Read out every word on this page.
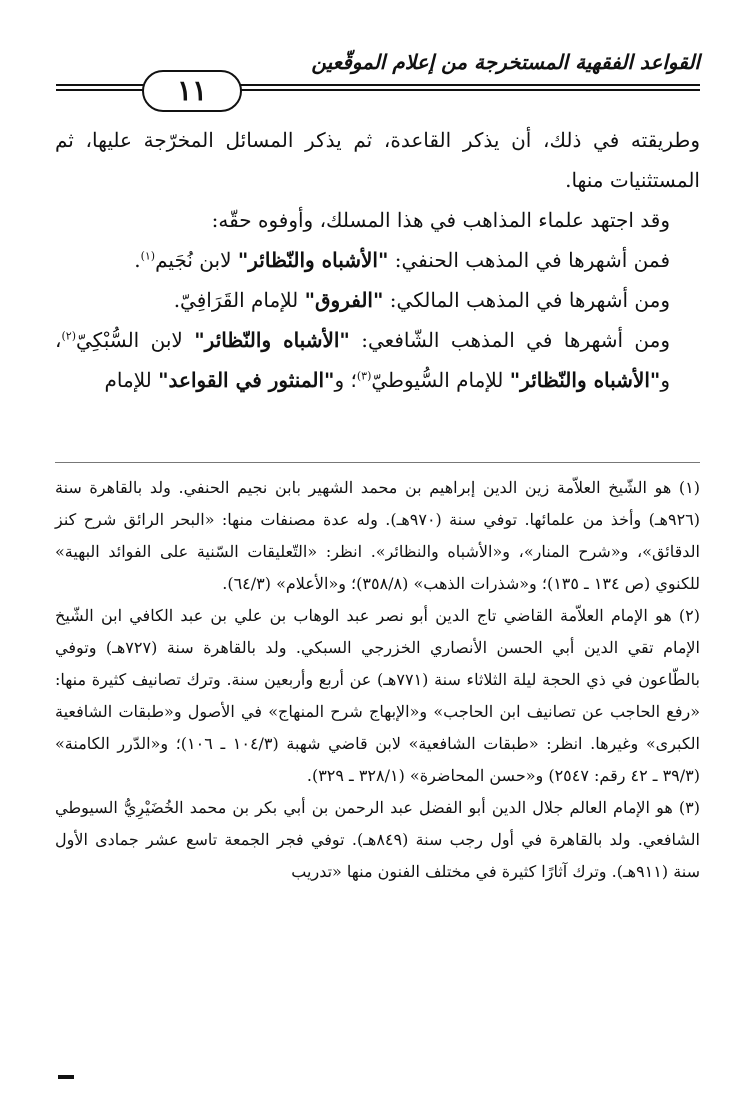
القواعد الفقهية المستخرجة من إعلام الموقّعين
١١

وطريقته في ذلك، أن يذكر القاعدة، ثم يذكر المسائل المخرّجة عليها، ثم المستثنيات منها.

وقد اجتهد علماء المذاهب في هذا المسلك، وأوفوه حقّه:

فمن أشهرها في المذهب الحنفي: "الأشباه والنّظائر" لابن نُجَيم$^{(١)}$.

ومن أشهرها في المذهب المالكي: "الفروق" للإمام القَرَافِيّ.

ومن أشهرها في المذهب الشّافعي: "الأشباه والنّظائر" لابن السُّبْكِيّ$^{(٢)}$، و"الأشباه والنّظائر" للإمام السُّيوطيّ$^{(٣)}$؛ و"المنثور في القواعد" للإمام

(١) هو الشّيخ العلاّمة زين الدين إبراهيم بن محمد الشهير بابن نجيم الحنفي. ولد بالقاهرة سنة (٩٢٦هـ) وأخذ من علمائها. توفي سنة (٩٧٠هـ). وله عدة مصنفات منها: «البحر الرائق شرح كنز الدقائق»، و«شرح المنار»، و«الأشباه والنظائر». انظر: «التّعليقات السّنية على الفوائد البهية» للكنوي (ص ١٣٤ ـ ١٣٥)؛ و«شذرات الذهب» (٣٥٨/٨)؛ و«الأعلام» (٦٤/٣).

(٢) هو الإمام العلاّمة القاضي تاج الدين أبو نصر عبد الوهاب بن علي بن عبد الكافي ابن الشّيخ الإمام تقي الدين أبي الحسن الأنصاري الخزرجي السبكي. ولد بالقاهرة سنة (٧٢٧هـ) وتوفي بالطّاعون في ذي الحجة ليلة الثلاثاء سنة (٧٧١هـ) عن أربع وأربعين سنة. وترك تصانيف كثيرة منها: «رفع الحاجب عن تصانيف ابن الحاجب» و«الإبهاج شرح المنهاج» في الأصول و«طبقات الشافعية الكبرى» وغيرها. انظر: «طبقات الشافعية» لابن قاضي شهبة (١٠٤/٣ ـ ١٠٦)؛ و«الدّرر الكامنة» (٣٩/٣ ـ ٤٢ رقم: ٢٥٤٧) و«حسن المحاضرة» (٣٢٨/١ ـ ٣٢٩).

(٣) هو الإمام العالم جلال الدين أبو الفضل عبد الرحمن بن أبي بكر بن محمد الخُضَيْرِيُّ السيوطي الشافعي. ولد بالقاهرة في أول رجب سنة (٨٤٩هـ). توفي فجر الجمعة تاسع عشر جمادى الأول سنة (٩١١هـ). وترك آثارًا كثيرة في مختلف الفنون منها «تدريب
